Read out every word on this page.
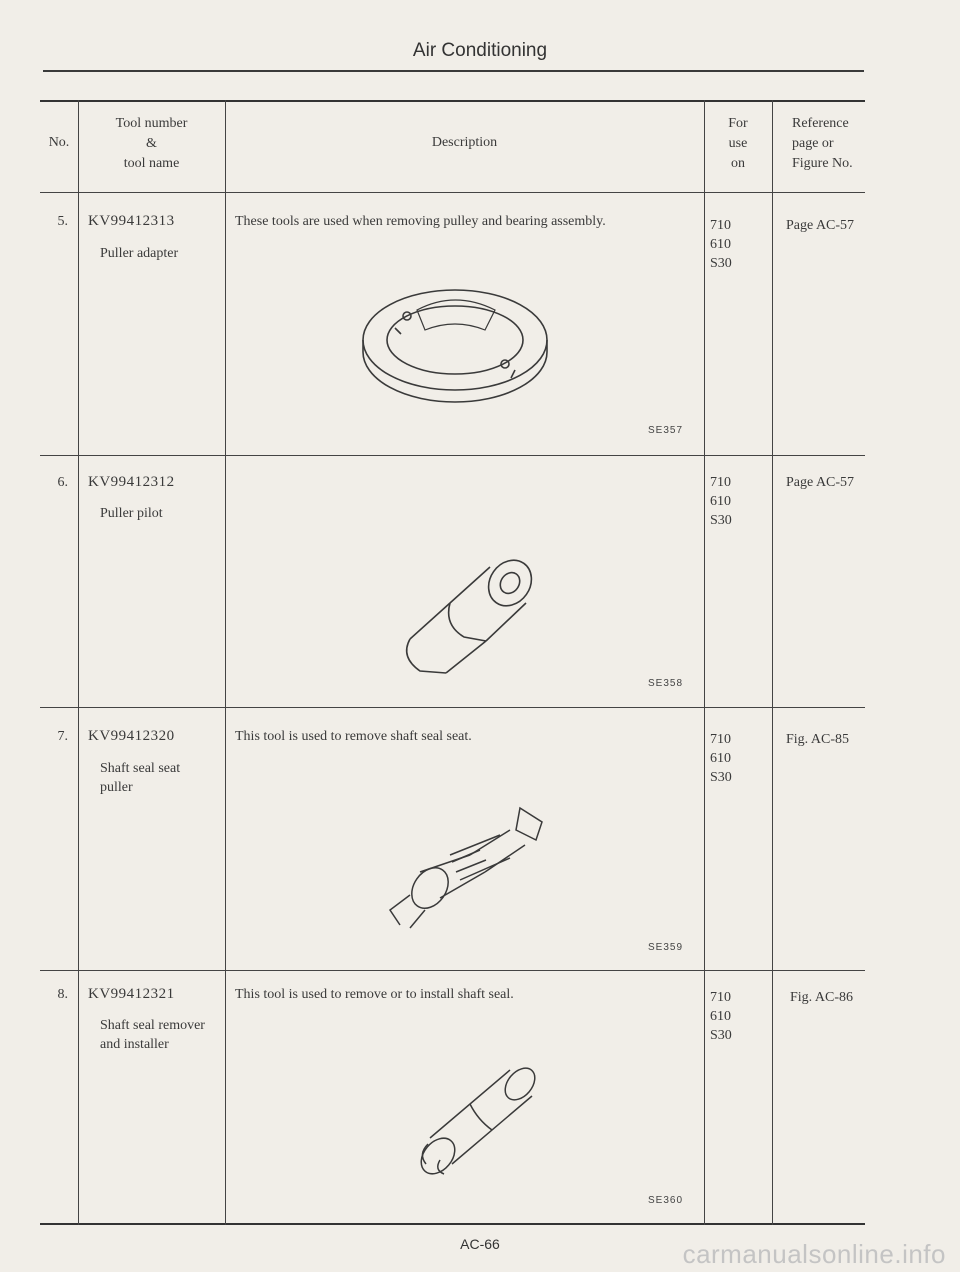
Air Conditioning
No.
Tool number
&
tool name
Description
For
use
on
Reference
page or
Figure No.
5. KV99412313
Puller adapter
These tools are used when removing pulley and bearing assembly.
SE357
710
610
S30
Page AC-57
6. KV99412312
Puller pilot
SE358
710
610
S30
Page AC-57
7. KV99412320
Shaft seal seat
puller
This tool is used to remove shaft seal seat.
SE359
710
610
S30
Fig. AC-85
8. KV99412321
Shaft seal remover
and installer
This tool is used to remove or to install shaft seal.
SE360
710
610
S30
Fig. AC-86
AC-66	carmanualsonline.info
